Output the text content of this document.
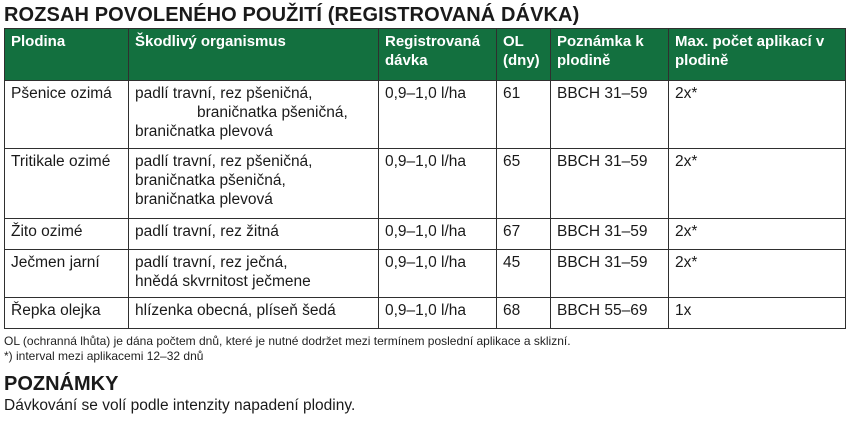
ROZSAH POVOLENÉHO POUŽITÍ (REGISTROVANÁ DÁVKA)
Plodina	Škodlivý organismus	Registrovaná dávka	OL (dny)	Poznámka k plodině	Max. počet aplikací v plodině
Pšenice ozimá	padlí travní, rez pšeničná,
braničnatka pšeničná,
braničnatka plevová	0,9–1,0 l/ha	61	BBCH 31–59	2x*
Tritikale ozimé	padlí travní, rez pšeničná,
braničnatka pšeničná,
braničnatka plevová	0,9–1,0 l/ha	65	BBCH 31–59	2x*
Žito ozimé	padlí travní, rez žitná	0,9–1,0 l/ha	67	BBCH 31–59	2x*
Ječmen jarní	padlí travní, rez ječná,
hnědá skvrnitost ječmene	0,9–1,0 l/ha	45	BBCH 31–59	2x*
Řepka olejka	hlízenka obecná, plíseň šedá	0,9–1,0 l/ha	68	BBCH 55–69	1x
OL (ochranná lhůta) je dána počtem dnů, které je nutné dodržet mezi termínem poslední aplikace a sklizní.
*) interval mezi aplikacemi 12–32 dnů
POZNÁMKY
Dávkování se volí podle intenzity napadení plodiny.
